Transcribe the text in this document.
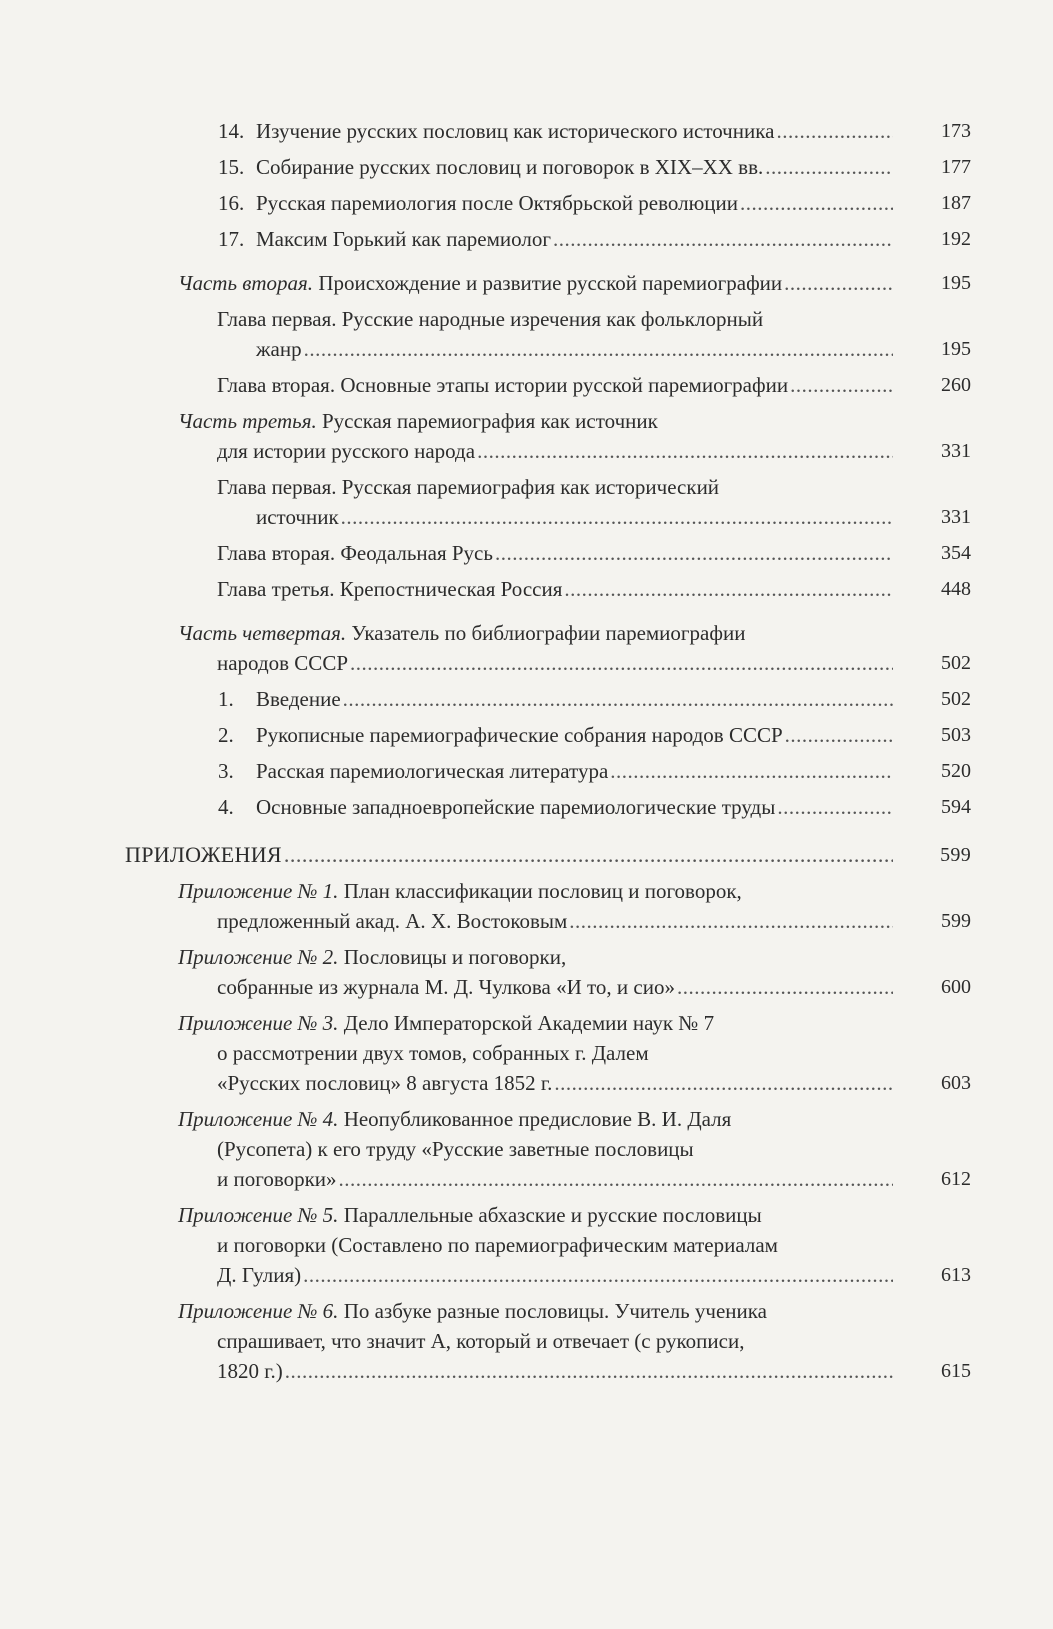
14. Изучение русских пословиц как исторического источника .....	173
15. Собирание русских пословиц и поговорок в XIX–XX вв. .....	177
16. Русская паремиология после Октябрьской революции .....	187
17. Максим Горький как паремиолог .....	192
Часть вторая. Происхождение и развитие русской паремиографии .....	195
Глава первая. Русские народные изречения как фольклорный
жанр .....	195
Глава вторая. Основные этапы истории русской паремиографии .....	260
Часть третья. Русская паремиография как источник
для истории русского народа .....	331
Глава первая. Русская паремиография как исторический
источник .....	331
Глава вторая. Феодальная Русь .....	354
Глава третья. Крепостническая Россия .....	448
Часть четвертая. Указатель по библиографии паремиографии
народов СССР .....	502
1. Введение .....	502
2. Рукописные паремиографические собрания народов СССР .....	503
3. Расская паремиологическая литература .....	520
4. Основные западноевропейские паремиологические труды .....	594
ПРИЛОЖЕНИЯ .....	599
Приложение № 1. План классификации пословиц и поговорок,
предложенный акад. А. Х. Востоковым .....	599
Приложение № 2. Пословицы и поговорки,
собранные из журнала М. Д. Чулкова «И то, и сио» .....	600
Приложение № 3. Дело Императорской Академии наук № 7
о рассмотрении двух томов, собранных г. Далем
«Русских пословиц» 8 августа 1852 г. .....	603
Приложение № 4. Неопубликованное предисловие В. И. Даля
(Русопета) к его труду «Русские заветные пословицы
и поговорки» .....	612
Приложение № 5. Параллельные абхазские и русские пословицы
и поговорки (Составлено по паремиографическим материалам
Д. Гулия) .....	613
Приложение № 6. По азбуке разные пословицы. Учитель ученика
спрашивает, что значит А, который и отвечает (с рукописи,
1820 г.) .....	615
